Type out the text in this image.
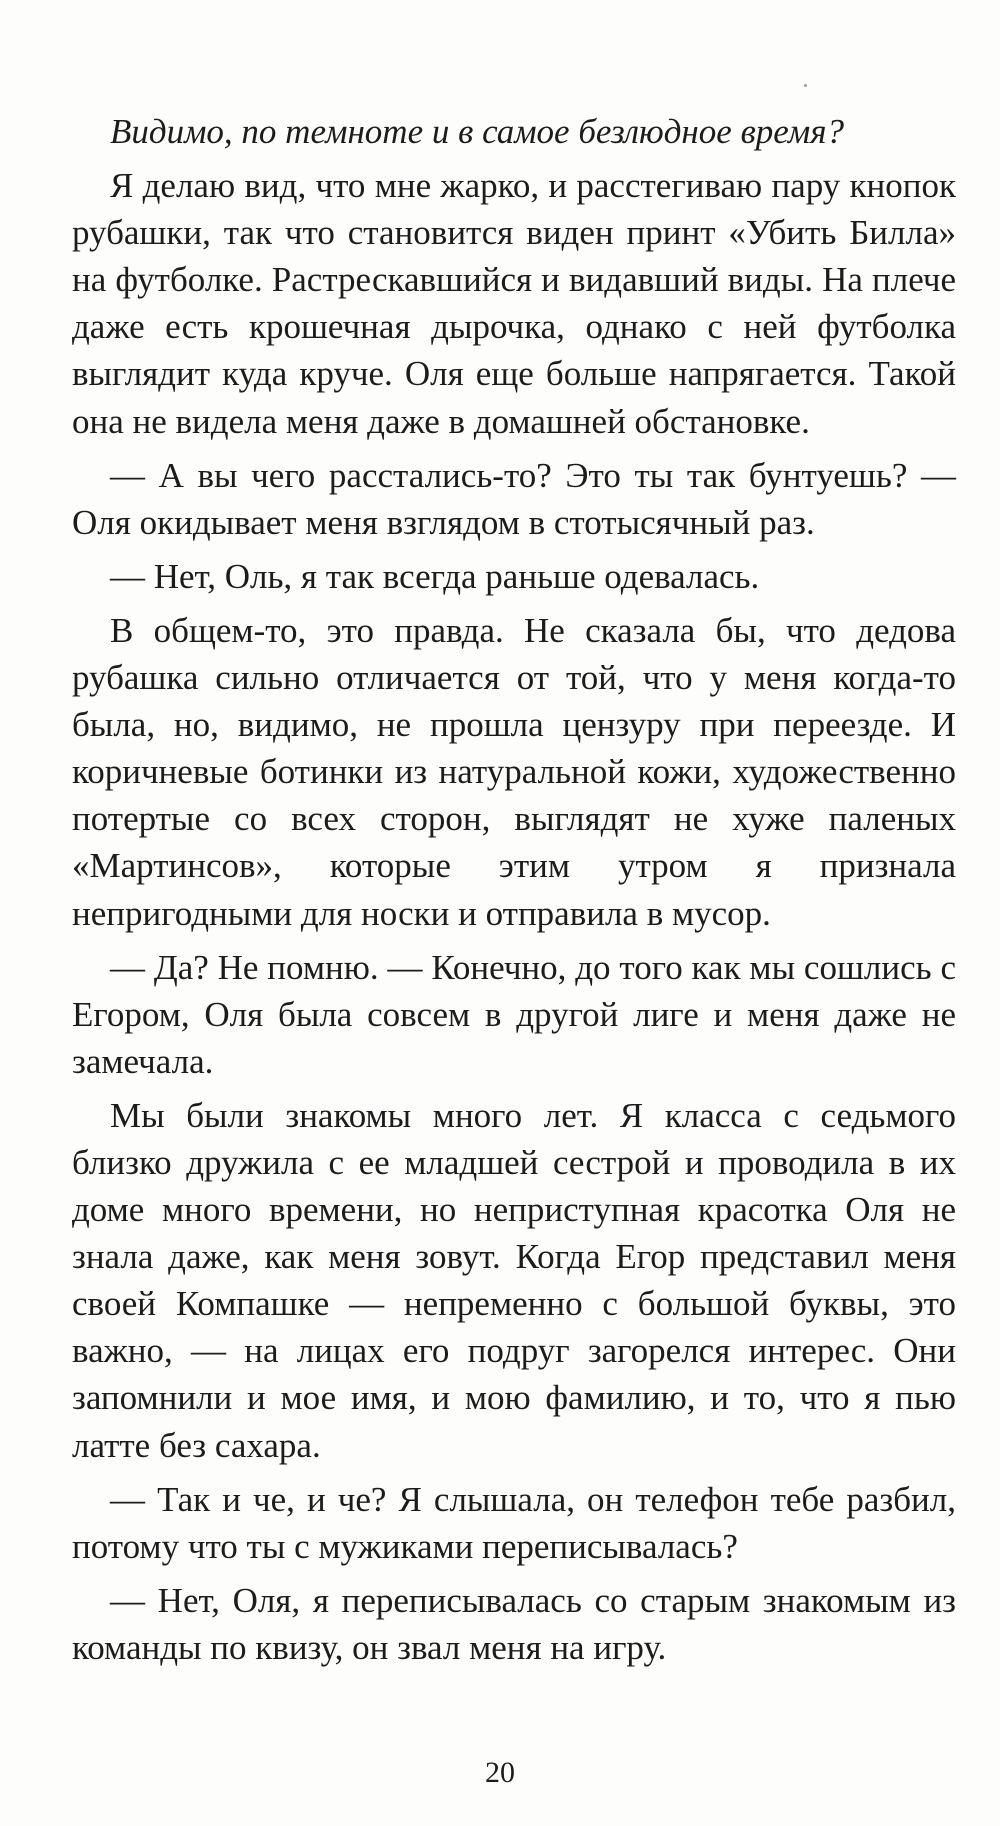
Видимо, по темноте и в самое безлюдное время?

Я делаю вид, что мне жарко, и расстегиваю пару кнопок рубашки, так что становится виден принт «Убить Билла» на футболке. Растрескавшийся и видавший виды. На плече даже есть крошечная дырочка, однако с ней футболка выглядит куда круче. Оля еще больше напрягается. Такой она не видела меня даже в домашней обстановке.

— А вы чего расстались-то? Это ты так бунтуешь? — Оля окидывает меня взглядом в стотысячный раз.

— Нет, Оль, я так всегда раньше одевалась.

В общем-то, это правда. Не сказала бы, что дедова рубашка сильно отличается от той, что у меня когда-то была, но, видимо, не прошла цензуру при переезде. И коричневые ботинки из натуральной кожи, художественно потертые со всех сторон, выглядят не хуже паленых «Мартинсов», которые этим утром я признала непригодными для носки и отправила в мусор.

— Да? Не помню. — Конечно, до того как мы сошлись с Егором, Оля была совсем в другой лиге и меня даже не замечала.

Мы были знакомы много лет. Я класса с седьмого близко дружила с ее младшей сестрой и проводила в их доме много времени, но неприступная красотка Оля не знала даже, как меня зовут. Когда Егор представил меня своей Компашке — непременно с большой буквы, это важно, — на лицах его подруг загорелся интерес. Они запомнили и мое имя, и мою фамилию, и то, что я пью латте без сахара.

— Так и че, и че? Я слышала, он телефон тебе разбил, потому что ты с мужиками переписывалась?

— Нет, Оля, я переписывалась со старым знакомым из команды по квизу, он звал меня на игру.

20
